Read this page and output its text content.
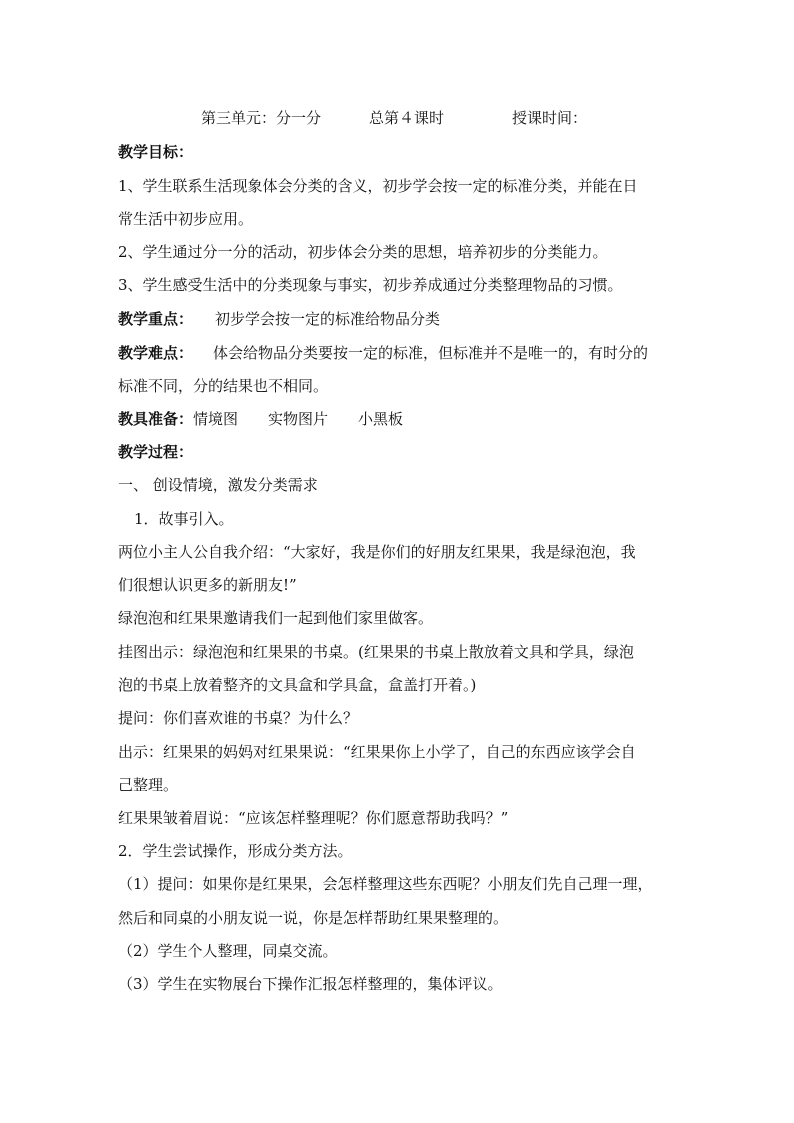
第三单元：分一分	总第４课时	授课时间：
教学目标：
1、学生联系生活现象体会分类的含义，初步学会按一定的标准分类，并能在日
常生活中初步应用。
2、学生通过分一分的活动，初步体会分类的思想，培养初步的分类能力。
3、学生感受生活中的分类现象与事实，初步养成通过分类整理物品的习惯。
教学重点： 初步学会按一定的标准给物品分类
教学难点： 体会给物品分类要按一定的标准，但标准并不是唯一的，有时分的
标准不同，分的结果也不相同。
教具准备：情境图　　实物图片　　小黑板
教学过程：
一、 创设情境，激发分类需求
1．故事引入。
两位小主人公自我介绍：“大家好，我是你们的好朋友红果果，我是绿泡泡，我
们很想认识更多的新朋友!”
绿泡泡和红果果邀请我们一起到他们家里做客。
挂图出示：绿泡泡和红果果的书桌。(红果果的书桌上散放着文具和学具，绿泡
泡的书桌上放着整齐的文具盒和学具盒，盒盖打开着。)
提问：你们喜欢谁的书桌？为什么？
出示：红果果的妈妈对红果果说：“红果果你上小学了，自己的东西应该学会自
己整理。
红果果皱着眉说：“应该怎样整理呢？你们愿意帮助我吗？”
2．学生尝试操作，形成分类方法。
（1）提问：如果你是红果果，会怎样整理这些东西呢？小朋友们先自己理一理，
然后和同桌的小朋友说一说，你是怎样帮助红果果整理的。
（2）学生个人整理，同桌交流。
（3）学生在实物展台下操作汇报怎样整理的，集体评议。
